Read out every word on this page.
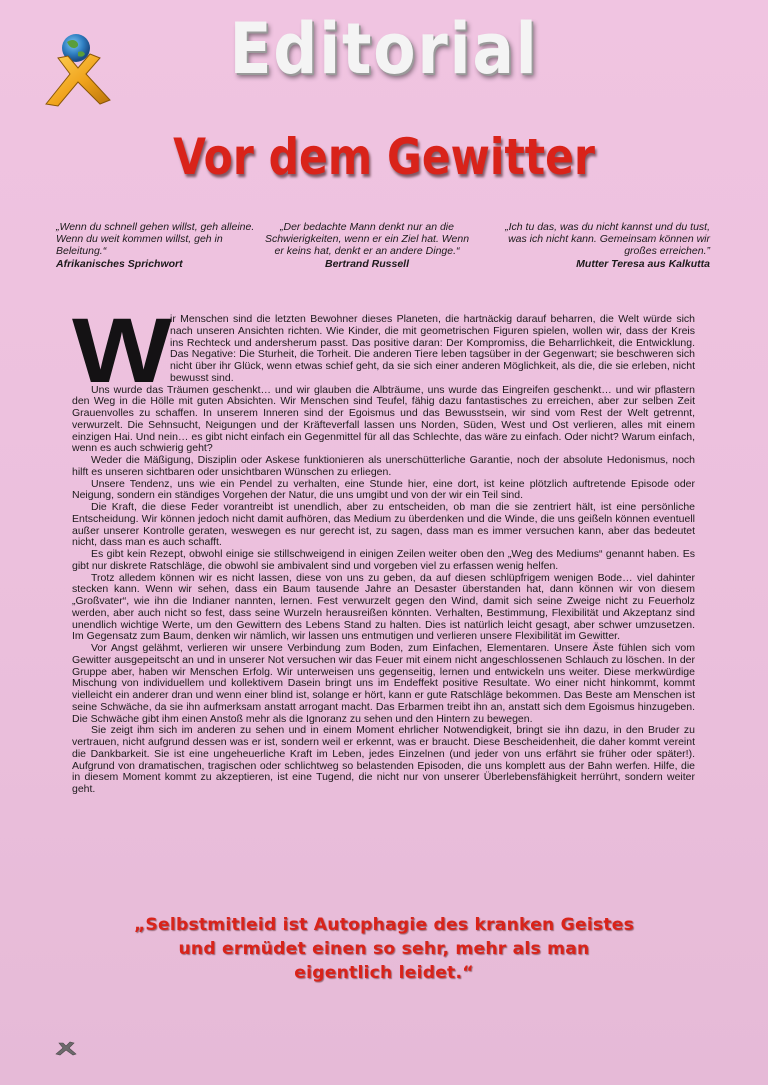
Editorial
Vor dem Gewitter
„Wenn du schnell gehen willst, geh alleine. Wenn du weit kommen willst, geh in Beleitung.“
Afrikanisches Sprichwort
„Der bedachte Mann denkt nur an die Schwierigkeiten, wenn er ein Ziel hat. Wenn er keins hat, denkt er an andere Dinge.“
Bertrand Russell
„Ich tu das, was du nicht kannst und du tust, was ich nicht kann. Gemeinsam können wir großes erreichen.”
Mutter Teresa aus Kalkutta

W
ir Menschen sind die letzten Bewohner dieses Planeten, die hartnäckig darauf beharren, die Welt würde sich nach unseren Ansichten richten. Wie Kinder, die mit geometrischen Figuren spielen, wollen wir, dass der Kreis ins Rechteck und andersherum passt. Das positive daran: Der Kompromiss, die Beharrlichkeit, die Entwicklung. Das Negative: Die Sturheit, die Torheit. Die anderen Tiere leben tagsüber in der Gegenwart; sie beschweren sich nicht über ihr Glück, wenn etwas schief geht, da sie sich einer anderen Möglichkeit, als die, die sie erleben, nicht bewusst sind.

Uns wurde das Träumen geschenkt… und wir glauben die Albträume, uns wurde das Eingreifen geschenkt… und wir pflastern den Weg in die Hölle mit guten Absichten. Wir Menschen sind Teufel, fähig dazu fantastisches zu erreichen, aber zur selben Zeit Grauenvolles zu schaffen. In unserem Inneren sind der Egoismus und das Bewusstsein, wir sind vom Rest der Welt getrennt, verwurzelt. Die Sehnsucht, Neigungen und der Kräfteverfall lassen uns Norden, Süden, West und Ost verlieren, alles mit einem einzigen Hai. Und nein… es gibt nicht einfach ein Gegenmittel für all das Schlechte, das wäre zu einfach. Oder nicht? Warum einfach, wenn es auch schwierig geht?

Weder die Mäßigung, Disziplin oder Askese funktionieren als unerschütterliche Garantie, noch der absolute Hedonismus, noch hilft es unseren sichtbaren oder unsichtbaren Wünschen zu erliegen.

Unsere Tendenz, uns wie ein Pendel zu verhalten, eine Stunde hier, eine dort, ist keine plötzlich auftretende Episode oder Neigung, sondern ein ständiges Vorgehen der Natur, die uns umgibt und von der wir ein Teil sind.

Die Kraft, die diese Feder vorantreibt ist unendlich, aber zu entscheiden, ob man die sie zentriert hält, ist eine persönliche Entscheidung. Wir können jedoch nicht damit aufhören, das Medium zu überdenken und die Winde, die uns geißeln können eventuell außer unserer Kontrolle geraten, weswegen es nur gerecht ist, zu sagen, dass man es immer versuchen kann, aber das bedeutet nicht, dass man es auch schafft.

Es gibt kein Rezept, obwohl einige sie stillschweigend in einigen Zeilen weiter oben den „Weg des Mediums“ genannt haben. Es gibt nur diskrete Ratschläge, die obwohl sie ambivalent sind und vorgeben viel zu erfassen wenig helfen.

Trotz alledem können wir es nicht lassen, diese von uns zu geben, da auf diesen schlüpfrigem wenigen Bode… viel dahinter stecken kann. Wenn wir sehen, dass ein Baum tausende Jahre an Desaster überstanden hat, dann können wir von diesem „Großvater“, wie ihn die Indianer nannten, lernen. Fest verwurzelt gegen den Wind, damit sich seine Zweige nicht zu Feuerholz werden, aber auch nicht so fest, dass seine Wurzeln herausreißen könnten. Verhalten, Bestimmung, Flexibilität und Akzeptanz sind unendlich wichtige Werte, um den Gewittern des Lebens Stand zu halten. Dies ist natürlich leicht gesagt, aber schwer umzusetzen. Im Gegensatz zum Baum, denken wir nämlich, wir lassen uns entmutigen und verlieren unsere Flexibilität im Gewitter.

Vor Angst gelähmt, verlieren wir unsere Verbindung zum Boden, zum Einfachen, Elementaren. Unsere Äste fühlen sich vom Gewitter ausgepeitscht an und in unserer Not versuchen wir das Feuer mit einem nicht angeschlossenen Schlauch zu löschen. In der Gruppe aber, haben wir Menschen Erfolg. Wir unterweisen uns gegenseitig, lernen und entwickeln uns weiter. Diese merkwürdige Mischung von individuellem und kollektivem Dasein bringt uns im Endeffekt positive Resultate. Wo einer nicht hinkommt, kommt vielleicht ein anderer dran und wenn einer blind ist, solange er hört, kann er gute Ratschläge bekommen. Das Beste am Menschen ist seine Schwäche, da sie ihn aufmerksam anstatt arrogant macht. Das Erbarmen treibt ihn an, anstatt sich dem Egoismus hinzugeben. Die Schwäche gibt ihm einen Anstoß mehr als die Ignoranz zu sehen und den Hintern zu bewegen.

Sie zeigt ihm sich im anderen zu sehen und in einem Moment ehrlicher Notwendigkeit, bringt sie ihn dazu, in den Bruder zu vertrauen, nicht aufgrund dessen was er ist, sondern weil er erkennt, was er braucht. Diese Bescheidenheit, die daher kommt vereint die Dankbarkeit. Sie ist eine ungeheuerliche Kraft im Leben, jedes Einzelnen (und jeder von uns erfährt sie früher oder später!). Aufgrund von dramatischen, tragischen oder schlichtweg so belastenden Episoden, die uns komplett aus der Bahn werfen. Hilfe, die in diesem Moment kommt zu akzeptieren, ist eine Tugend, die nicht nur von unserer Überlebensfähigkeit herrührt, sondern weiter geht.

„Selbstmitleid ist Autophagie des kranken Geistes und ermüdet einen so sehr, mehr als man eigentlich leidet.“
